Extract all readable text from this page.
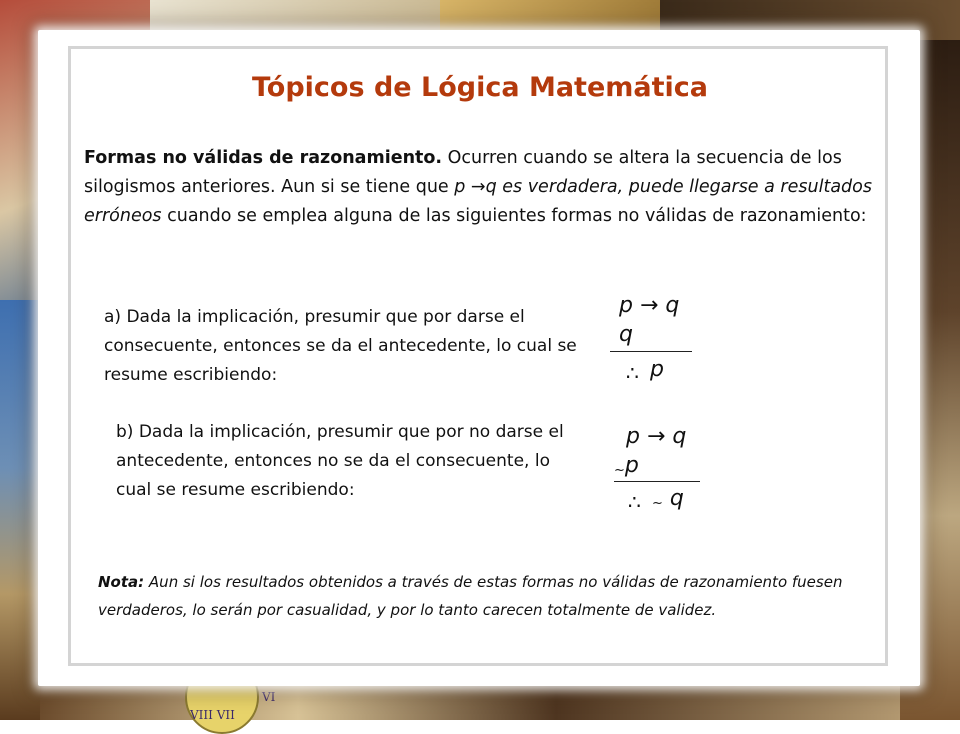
VI
VIII VII
Tópicos de Lógica Matemática

Formas no válidas de razonamiento. Ocurren cuando se altera la secuencia de los silogismos anteriores. Aun si se tiene que p →q es verdadera, puede llegarse a resultados erróneos cuando se emplea alguna de las siguientes formas no válidas de razonamiento:

a) Dada la implicación, presumir que por darse el consecuente, entonces se da el antecedente, lo cual se resume escribiendo:

p → q
q
∴ p

b) Dada la implicación, presumir que por no darse el antecedente, entonces no se da el consecuente, lo cual se resume escribiendo:

p → q
~p
∴ ~ q

Nota: Aun si los resultados obtenidos a través de estas formas no válidas de razonamiento fuesen verdaderos, lo serán por casualidad, y por lo tanto carecen totalmente de validez.
